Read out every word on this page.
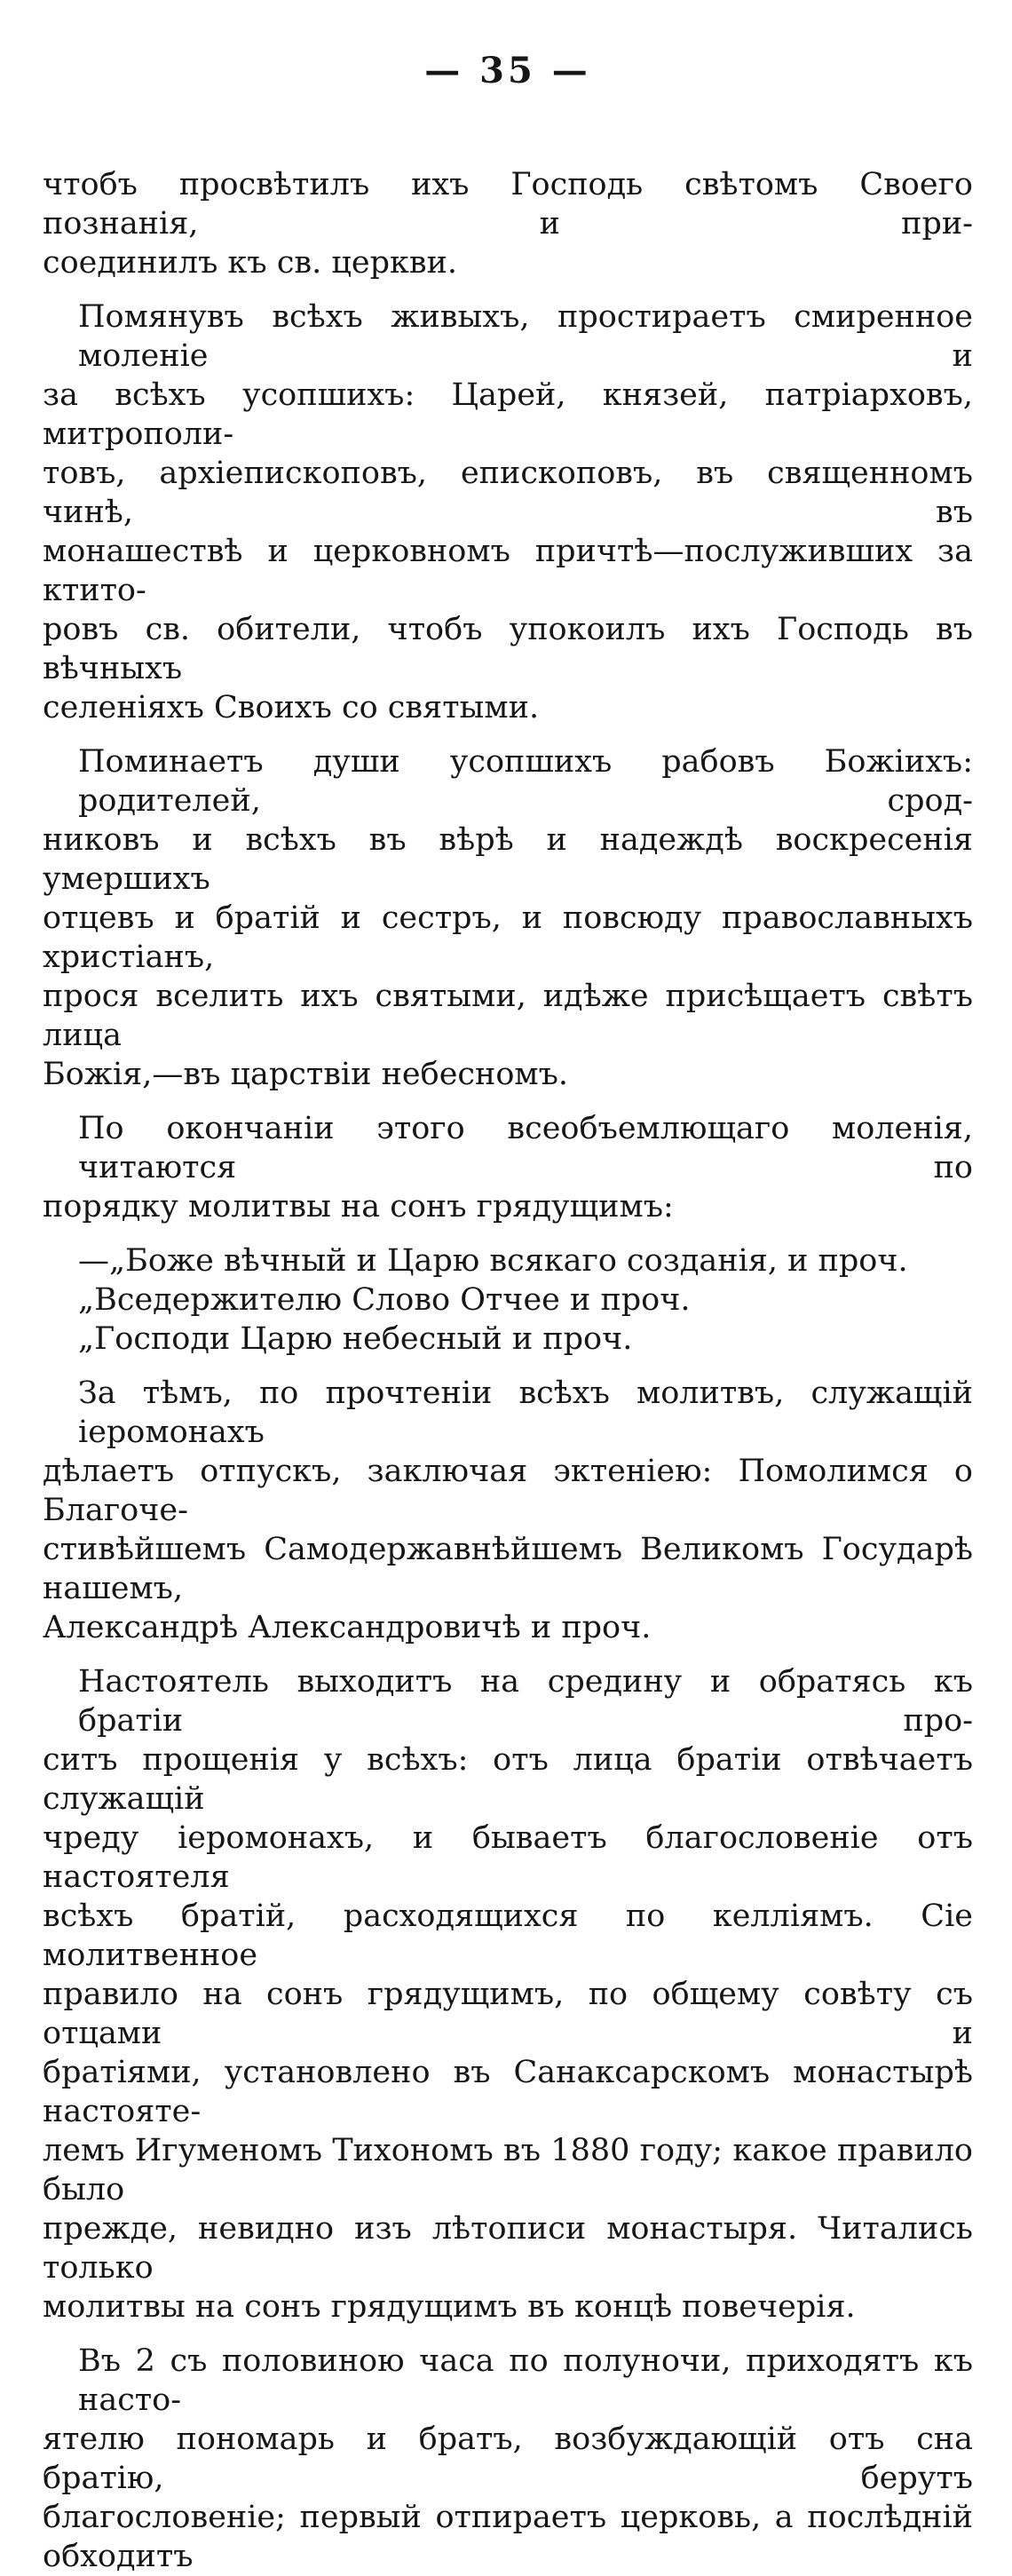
— 35 —
чтобъ просвѣтилъ ихъ Господь свѣтомъ Своего познанія, и при-
соединилъ къ св. церкви.
Помянувъ всѣхъ живыхъ, простираетъ смиренное моленіе и
за всѣхъ усопшихъ: Царей, князей, патріарховъ, митрополи-
товъ, архіепископовъ, епископовъ, въ священномъ чинѣ, въ
монашествѣ и церковномъ причтѣ—послуживших за ктито-
ровъ св. обители, чтобъ упокоилъ ихъ Господь въ вѣчныхъ
селеніяхъ Своихъ со святыми.
Поминаетъ души усопшихъ рабовъ Божіихъ: родителей, срод-
никовъ и всѣхъ въ вѣрѣ и надеждѣ воскресенія умершихъ
отцевъ и братій и сестръ, и повсюду православныхъ христіанъ,
прося вселить ихъ святыми, идѣже присѣщаетъ свѣтъ лица
Божія,—въ царствіи небесномъ.
По окончаніи этого всеобъемлющаго моленія, читаются по
порядку молитвы на сонъ грядущимъ:
—„Боже вѣчный и Царю всякаго созданія, и проч.
„Вседержителю Слово Отчее и проч.
„Господи Царю небесный и проч.
За тѣмъ, по прочтеніи всѣхъ молитвъ, служащій іеромонахъ
дѣлаетъ отпускъ, заключая эктеніею: Помолимся о Благоче-
стивѣйшемъ Самодержавнѣйшемъ Великомъ Государѣ нашемъ,
Александрѣ Александровичѣ и проч.
Настоятель выходитъ на средину и обратясь къ братіи про-
ситъ прощенія у всѣхъ: отъ лица братіи отвѣчаетъ служащій
чреду іеромонахъ, и бываетъ благословеніе отъ настоятеля
всѣхъ братій, расходящихся по келліямъ. Сіе молитвенное
правило на сонъ грядущимъ, по общему совѣту съ отцами и
братіями, установлено въ Санаксарскомъ монастырѣ настояте-
лемъ Игуменомъ Тихономъ въ 1880 году; какое правило было
прежде, невидно изъ лѣтописи монастыря. Читались только
молитвы на сонъ грядущимъ въ концѣ повечерія.
Въ 2 съ половиною часа по полуночи, приходятъ къ насто-
ятелю пономарь и братъ, возбуждающій отъ сна братію, берутъ
благословеніе; первый отпираетъ церковь, а послѣдній обходитъ
